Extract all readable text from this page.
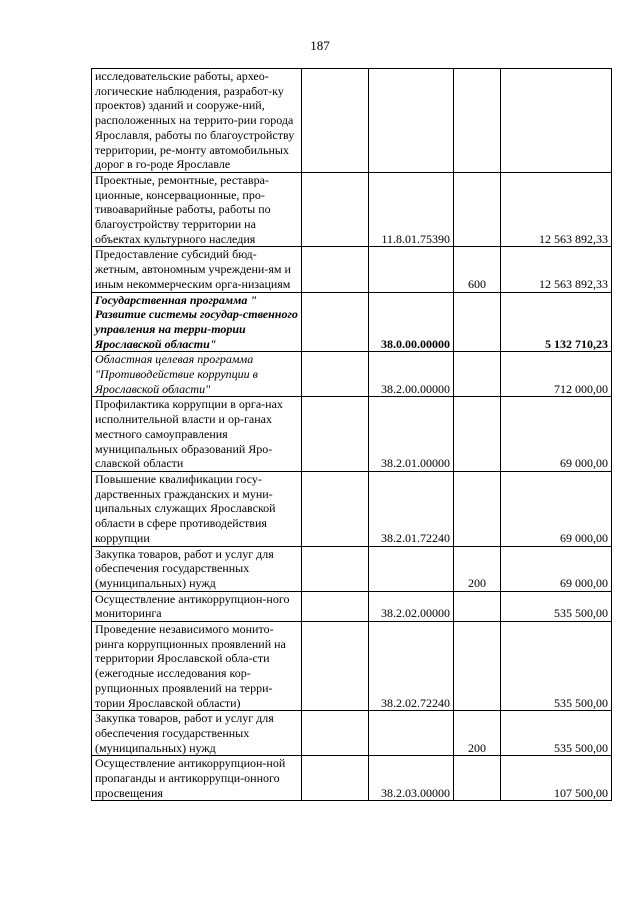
187
исследовательские работы, архео-логические наблюдения, разработ-ку проектов) зданий и сооруже-ний, расположенных на террито-рии города Ярославля, работы по благоустройству территории, ре-монту автомобильных дорог в го-роде Ярославле				

Проектные, ремонтные, реставра-ционные, консервационные, про-тивоаварийные работы, работы по благоустройству территории на объектах культурного наследия		11.8.01.75390		12 563 892,33

Предоставление субсидий бюд-жетным, автономным учреждени-ям и иным некоммерческим орга-низациям			600	12 563 892,33

Государственная программа " Развитие системы государ-ственного управления на терри-тории Ярославской области"		38.0.00.00000		5 132 710,23

Областная целевая программа "Противодействие коррупции в Ярославской области"		38.2.00.00000		712 000,00

Профилактика коррупции в орга-нах исполнительной власти и ор-ганах местного самоуправления муниципальных образований Яро-славской области		38.2.01.00000		69 000,00

Повышение квалификации госу-дарственных гражданских и муни-ципальных служащих Ярославской области в сфере противодействия коррупции		38.2.01.72240		69 000,00

Закупка товаров, работ и услуг для обеспечения государственных (муниципальных) нужд			200	69 000,00

Осуществление антикоррупцион-ного мониторинга		38.2.02.00000		535 500,00

Проведение независимого монито-ринга коррупционных проявлений на территории Ярославской обла-сти (ежегодные исследования кор-рупционных проявлений на терри-тории Ярославской области)		38.2.02.72240		535 500,00

Закупка товаров, работ и услуг для обеспечения государственных (муниципальных) нужд			200	535 500,00

Осуществление антикоррупцион-ной пропаганды и антикоррупци-онного просвещения		38.2.03.00000		107 500,00
